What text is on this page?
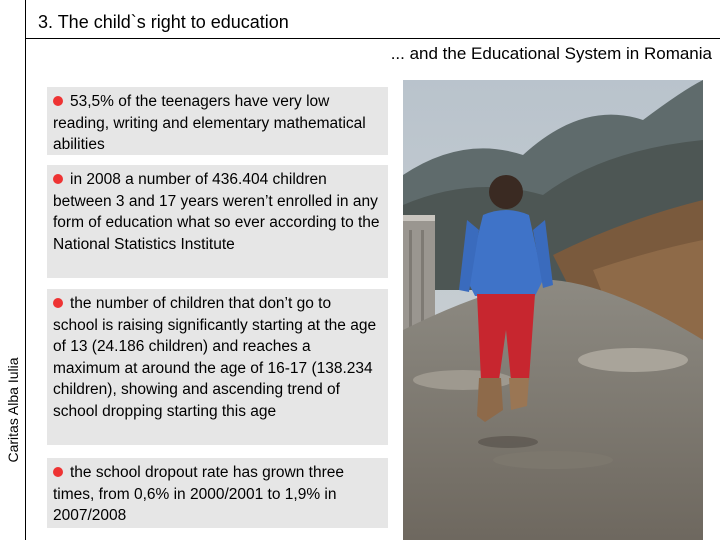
Caritas Alba Iulia
3. The child`s right to education
... and the Educational System in Romania
53,5% of the teenagers have very low reading, writing and elementary mathematical abilities
in 2008 a number of 436.404 children between 3 and 17 years weren’t enrolled in any form of education what so ever according to the National Statistics Institute
the number of children that don’t go to school is raising significantly starting at the age of 13 (24.186 children) and reaches a maximum at around the age of 16-17 (138.234 children), showing and ascending trend of school dropping starting this age
the school dropout rate has grown three times, from 0,6% in 2000/2001 to 1,9% in 2007/2008
